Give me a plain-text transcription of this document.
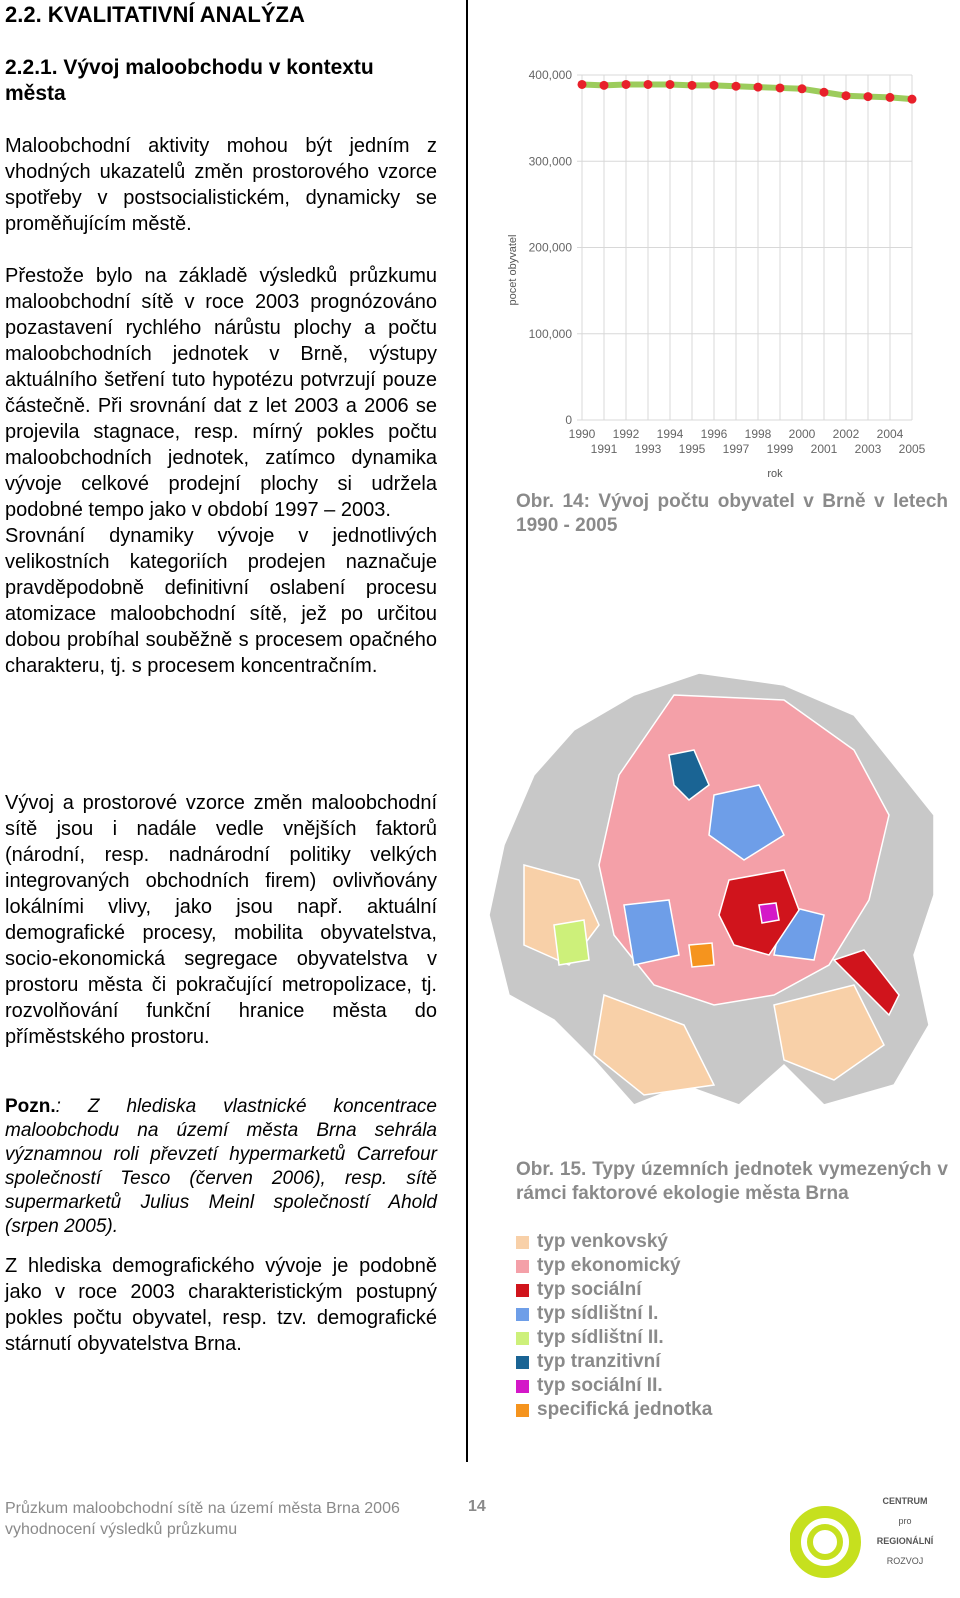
2.2. KVALITATIVNÍ ANALÝZA
2.2.1. Vývoj maloobchodu v kontextu města

Maloobchodní aktivity mohou být jedním z vhodných ukazatelů změn prostorového vzorce spotřeby v postsocialistickém, dynamicky se proměňujícím městě.

Přestože bylo na základě výsledků průzkumu maloobchodní sítě v roce 2003 prognózováno pozastavení rychlého nárůstu plochy a počtu maloobchodních jednotek v Brně, výstupy aktuálního šetření tuto hypotézu potvrzují pouze částečně. Při srovnání dat z let 2003 a 2006 se projevila stagnace, resp. mírný pokles počtu maloobchodních jednotek, zatímco dynamika vývoje celkové prodejní plochy si udržela podobné tempo jako v období 1997 – 2003.

Srovnání dynamiky vývoje v jednotlivých velikostních kategoriích prodejen naznačuje pravděpodobně definitivní oslabení procesu atomizace maloobchodní sítě, jež po určitou dobou probíhal souběžně s procesem opačného charakteru, tj. s procesem koncentračním.

Vývoj a prostorové vzorce změn maloobchodní sítě jsou i nadále vedle vnějších faktorů (národní, resp. nadnárodní politiky velkých integrovaných obchodních firem) ovlivňovány lokálními vlivy, jako jsou např. aktuální demografické procesy, mobilita obyvatelstva, socio-ekonomická segregace obyvatelstva v prostoru města či pokračující metropolizace, tj. rozvolňování funkční hranice města do příměstského prostoru.

Pozn.: Z hlediska vlastnické koncentrace maloobchodu na území města Brna sehrála významnou roli převzetí hypermarketů Carrefour společností Tesco (červen 2006), resp. sítě supermarketů Julius Meinl společností Ahold (srpen 2005).

Z hlediska demografického vývoje je podobně jako v roce 2003 charakteristickým postupný pokles počtu obyvatel, resp. tzv. demografické stárnutí obyvatelstva Brna.

pocet obyvatel
rok
0
100,000
200,000
300,000
400,000
1990 1992 1994 1996 1998 2000 2002 2004
1991 1993 1995 1997 1999 2001 2003 2005
Obr. 14: Vývoj počtu obyvatel v Brně v letech 1990 - 2005
Obr. 15. Typy územních jednotek vymezených v rámci faktorové ekologie města Brna
typ venkovský
typ ekonomický
typ sociální
typ sídlištní I.
typ sídlištní II.
typ tranzitivní
typ sociální II.
specifická jednotka
Průzkum maloobchodní sítě na území města Brna 2006
vyhodnocení výsledků průzkumu
14	CENTRUM
pro
REGIONÁLNÍ
ROZVOJ
